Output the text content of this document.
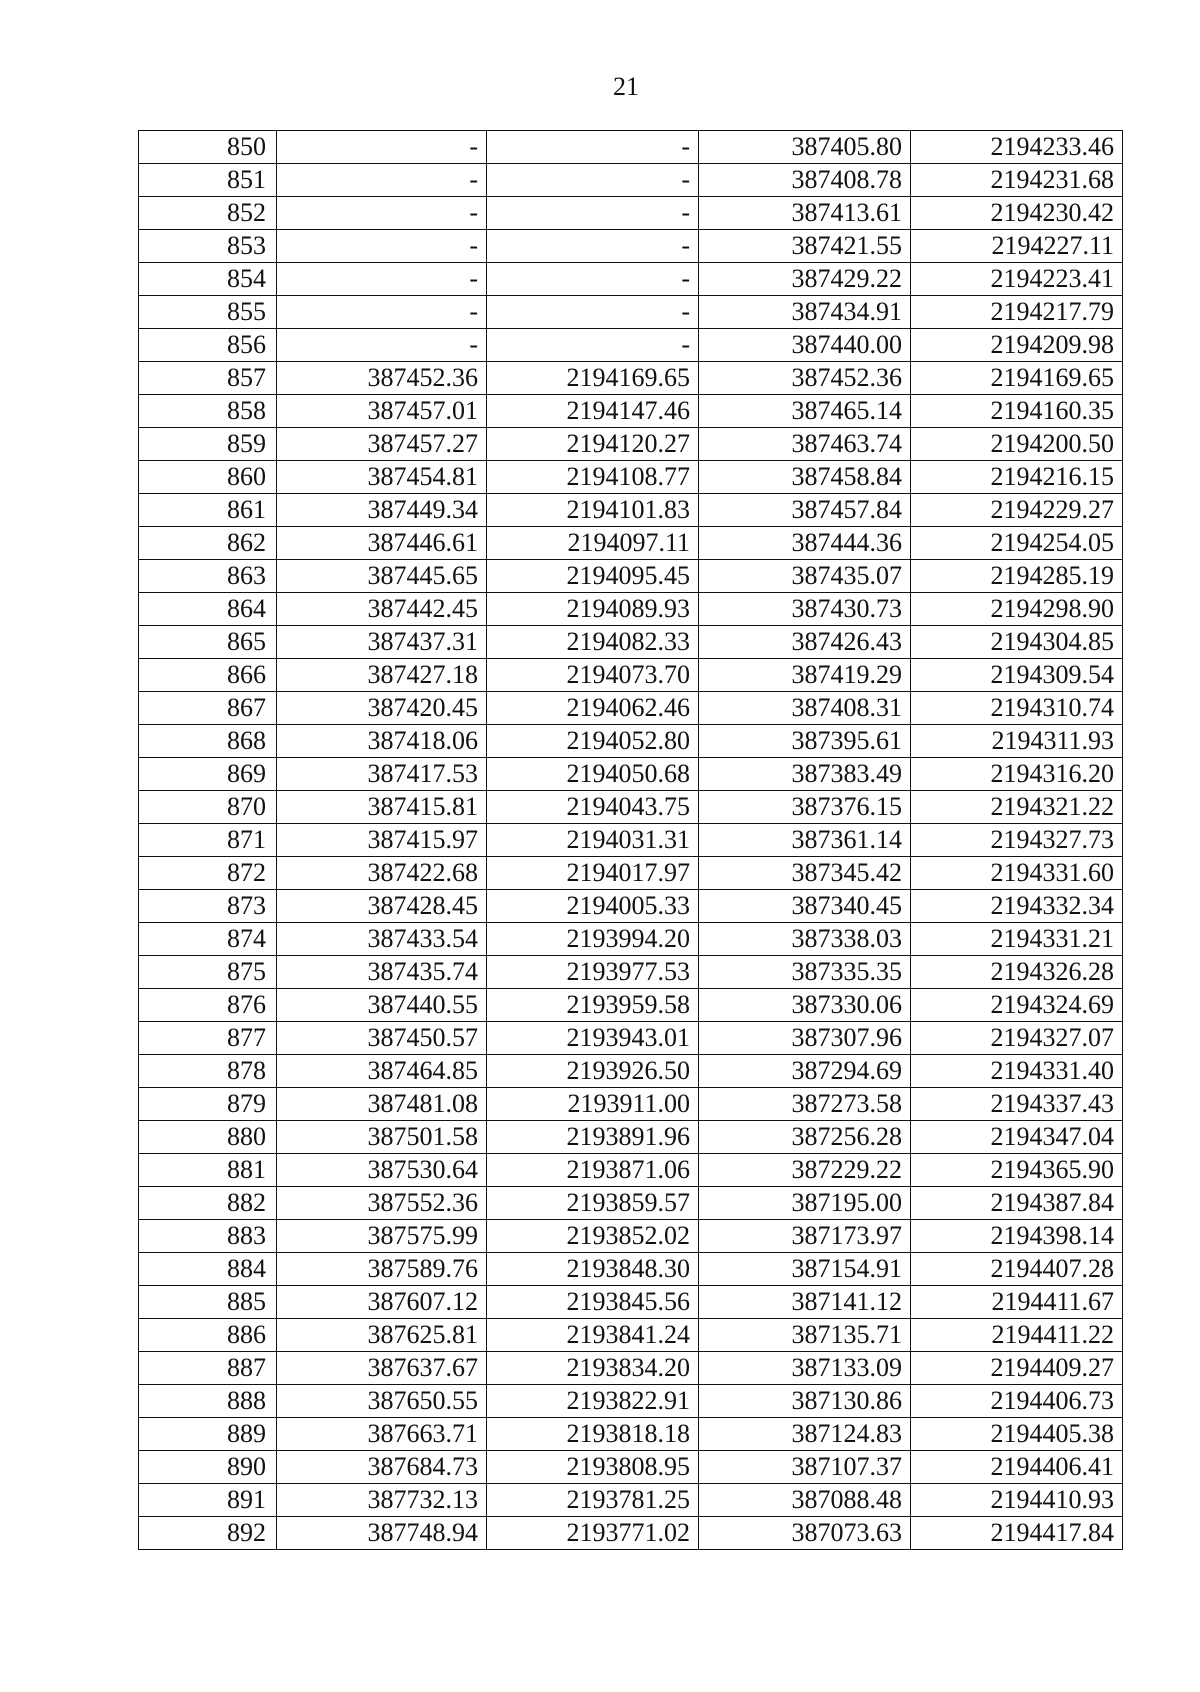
21
850	-	-	387405.80	2194233.46
851	-	-	387408.78	2194231.68
852	-	-	387413.61	2194230.42
853	-	-	387421.55	2194227.11
854	-	-	387429.22	2194223.41
855	-	-	387434.91	2194217.79
856	-	-	387440.00	2194209.98
857	387452.36	2194169.65	387452.36	2194169.65
858	387457.01	2194147.46	387465.14	2194160.35
859	387457.27	2194120.27	387463.74	2194200.50
860	387454.81	2194108.77	387458.84	2194216.15
861	387449.34	2194101.83	387457.84	2194229.27
862	387446.61	2194097.11	387444.36	2194254.05
863	387445.65	2194095.45	387435.07	2194285.19
864	387442.45	2194089.93	387430.73	2194298.90
865	387437.31	2194082.33	387426.43	2194304.85
866	387427.18	2194073.70	387419.29	2194309.54
867	387420.45	2194062.46	387408.31	2194310.74
868	387418.06	2194052.80	387395.61	2194311.93
869	387417.53	2194050.68	387383.49	2194316.20
870	387415.81	2194043.75	387376.15	2194321.22
871	387415.97	2194031.31	387361.14	2194327.73
872	387422.68	2194017.97	387345.42	2194331.60
873	387428.45	2194005.33	387340.45	2194332.34
874	387433.54	2193994.20	387338.03	2194331.21
875	387435.74	2193977.53	387335.35	2194326.28
876	387440.55	2193959.58	387330.06	2194324.69
877	387450.57	2193943.01	387307.96	2194327.07
878	387464.85	2193926.50	387294.69	2194331.40
879	387481.08	2193911.00	387273.58	2194337.43
880	387501.58	2193891.96	387256.28	2194347.04
881	387530.64	2193871.06	387229.22	2194365.90
882	387552.36	2193859.57	387195.00	2194387.84
883	387575.99	2193852.02	387173.97	2194398.14
884	387589.76	2193848.30	387154.91	2194407.28
885	387607.12	2193845.56	387141.12	2194411.67
886	387625.81	2193841.24	387135.71	2194411.22
887	387637.67	2193834.20	387133.09	2194409.27
888	387650.55	2193822.91	387130.86	2194406.73
889	387663.71	2193818.18	387124.83	2194405.38
890	387684.73	2193808.95	387107.37	2194406.41
891	387732.13	2193781.25	387088.48	2194410.93
892	387748.94	2193771.02	387073.63	2194417.84
